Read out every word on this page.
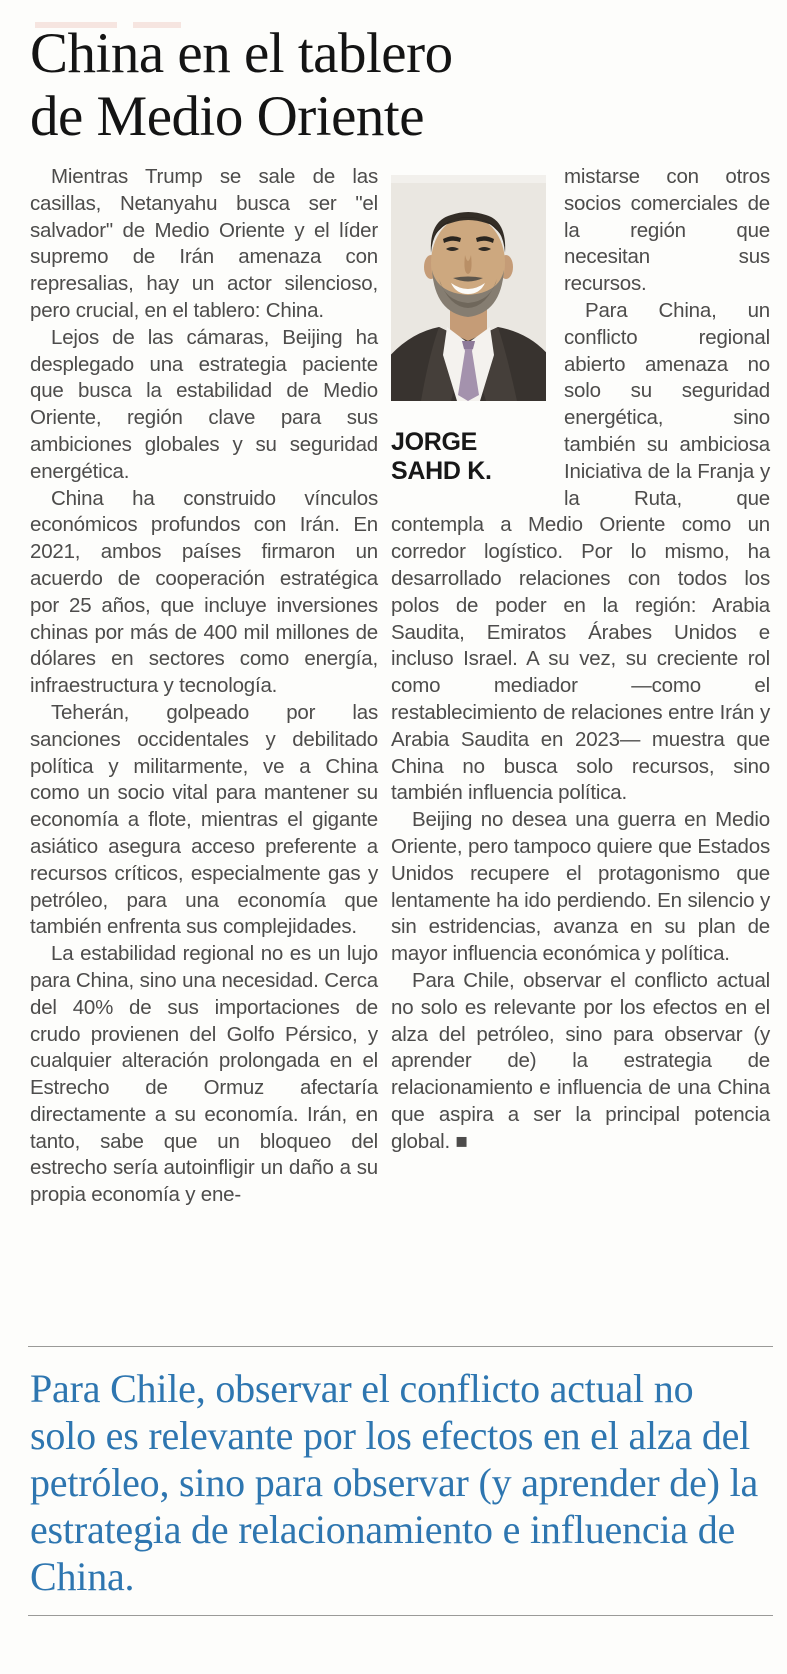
China en el tablero
de Medio Oriente

Mientras Trump se sale de las casillas, Netanyahu busca ser "el salvador" de Medio Oriente y el líder supremo de Irán amenaza con represalias, hay un actor silencioso, pero crucial, en el tablero: China.

Lejos de las cámaras, Beijing ha desplegado una estrategia paciente que busca la estabilidad de Medio Oriente, región clave para sus ambiciones globales y su seguridad energética.

China ha construido vínculos económicos profundos con Irán. En 2021, ambos países firmaron un acuerdo de cooperación estratégica por 25 años, que incluye inversiones chinas por más de 400 mil millones de dólares en sectores como energía, infraestructura y tecnología.

Teherán, golpeado por las sanciones occidentales y debilitado política y militarmente, ve a China como un socio vital para mantener su economía a flote, mientras el gigante asiático asegura acceso preferente a recursos críticos, especialmente gas y petróleo, para una economía que también enfrenta sus complejidades.

La estabilidad regional no es un lujo para China, sino una necesidad. Cerca del 40% de sus importaciones de crudo provienen del Golfo Pérsico, y cualquier alteración prolongada en el Estrecho de Ormuz afectaría directamente a su economía. Irán, en tanto, sabe que un bloqueo del estrecho sería autoinfligir un daño a su propia economía y ene-

JORGE
SAHD K.

mistarse con otros socios comerciales de la región que necesitan sus recursos.

Para China, un conflicto regional abierto amenaza no solo su seguridad energética, sino también su ambiciosa Iniciativa de la Franja y la Ruta, que contempla a Medio Oriente como un corredor logístico. Por lo mismo, ha desarrollado relaciones con todos los polos de poder en la región: Arabia Saudita, Emiratos Árabes Unidos e incluso Israel. A su vez, su creciente rol como mediador —como el restablecimiento de relaciones entre Irán y Arabia Saudita en 2023— muestra que China no busca solo recursos, sino también influencia política.

Beijing no desea una guerra en Medio Oriente, pero tampoco quiere que Estados Unidos recupere el protagonismo que lentamente ha ido perdiendo. En silencio y sin estridencias, avanza en su plan de mayor influencia económica y política.

Para Chile, observar el conflicto actual no solo es relevante por los efectos en el alza del petróleo, sino para observar (y aprender de) la estrategia de relacionamiento e influencia de una China que aspira a ser la principal potencia global. ■

Para Chile, observar el conflicto actual no solo es relevante por los efectos en el alza del petróleo, sino para observar (y aprender de) la estrategia de relacionamiento e influencia de China.
